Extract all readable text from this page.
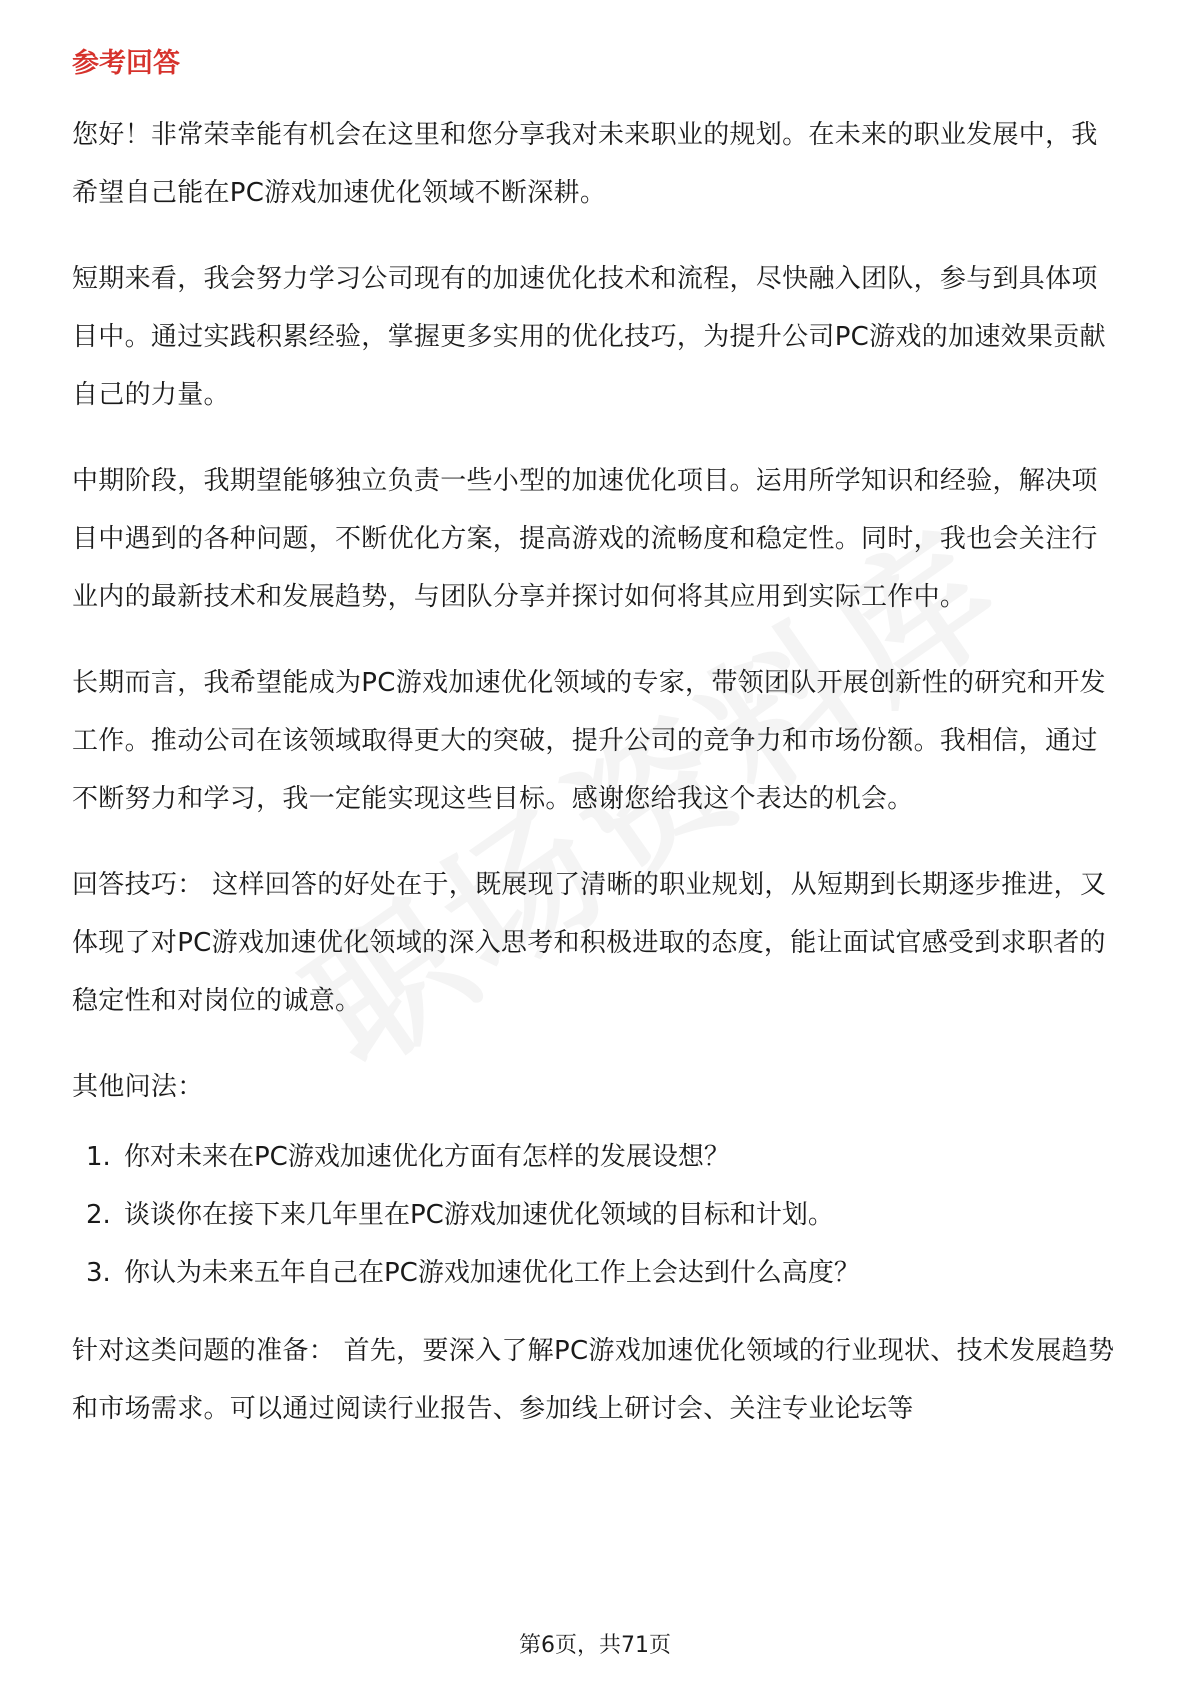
参考回答

您好！非常荣幸能有机会在这里和您分享我对未来职业的规划。在未来的职业发展中，我希望自己能在PC游戏加速优化领域不断深耕。

短期来看，我会努力学习公司现有的加速优化技术和流程，尽快融入团队，参与到具体项目中。通过实践积累经验，掌握更多实用的优化技巧，为提升公司PC游戏的加速效果贡献自己的力量。

中期阶段，我期望能够独立负责一些小型的加速优化项目。运用所学知识和经验，解决项目中遇到的各种问题，不断优化方案，提高游戏的流畅度和稳定性。同时，我也会关注行业内的最新技术和发展趋势，与团队分享并探讨如何将其应用到实际工作中。

长期而言，我希望能成为PC游戏加速优化领域的专家，带领团队开展创新性的研究和开发工作。推动公司在该领域取得更大的突破，提升公司的竞争力和市场份额。我相信，通过不断努力和学习，我一定能实现这些目标。感谢您给我这个表达的机会。

回答技巧： 这样回答的好处在于，既展现了清晰的职业规划，从短期到长期逐步推进，又体现了对PC游戏加速优化领域的深入思考和积极进取的态度，能让面试官感受到求职者的稳定性和对岗位的诚意。

其他问法：

1. 你对未来在PC游戏加速优化方面有怎样的发展设想？
2. 谈谈你在接下来几年里在PC游戏加速优化领域的目标和计划。
3. 你认为未来五年自己在PC游戏加速优化工作上会达到什么高度？

针对这类问题的准备： 首先，要深入了解PC游戏加速优化领域的行业现状、技术发展趋势和市场需求。可以通过阅读行业报告、参加线上研讨会、关注专业论坛等

第6页，共71页
